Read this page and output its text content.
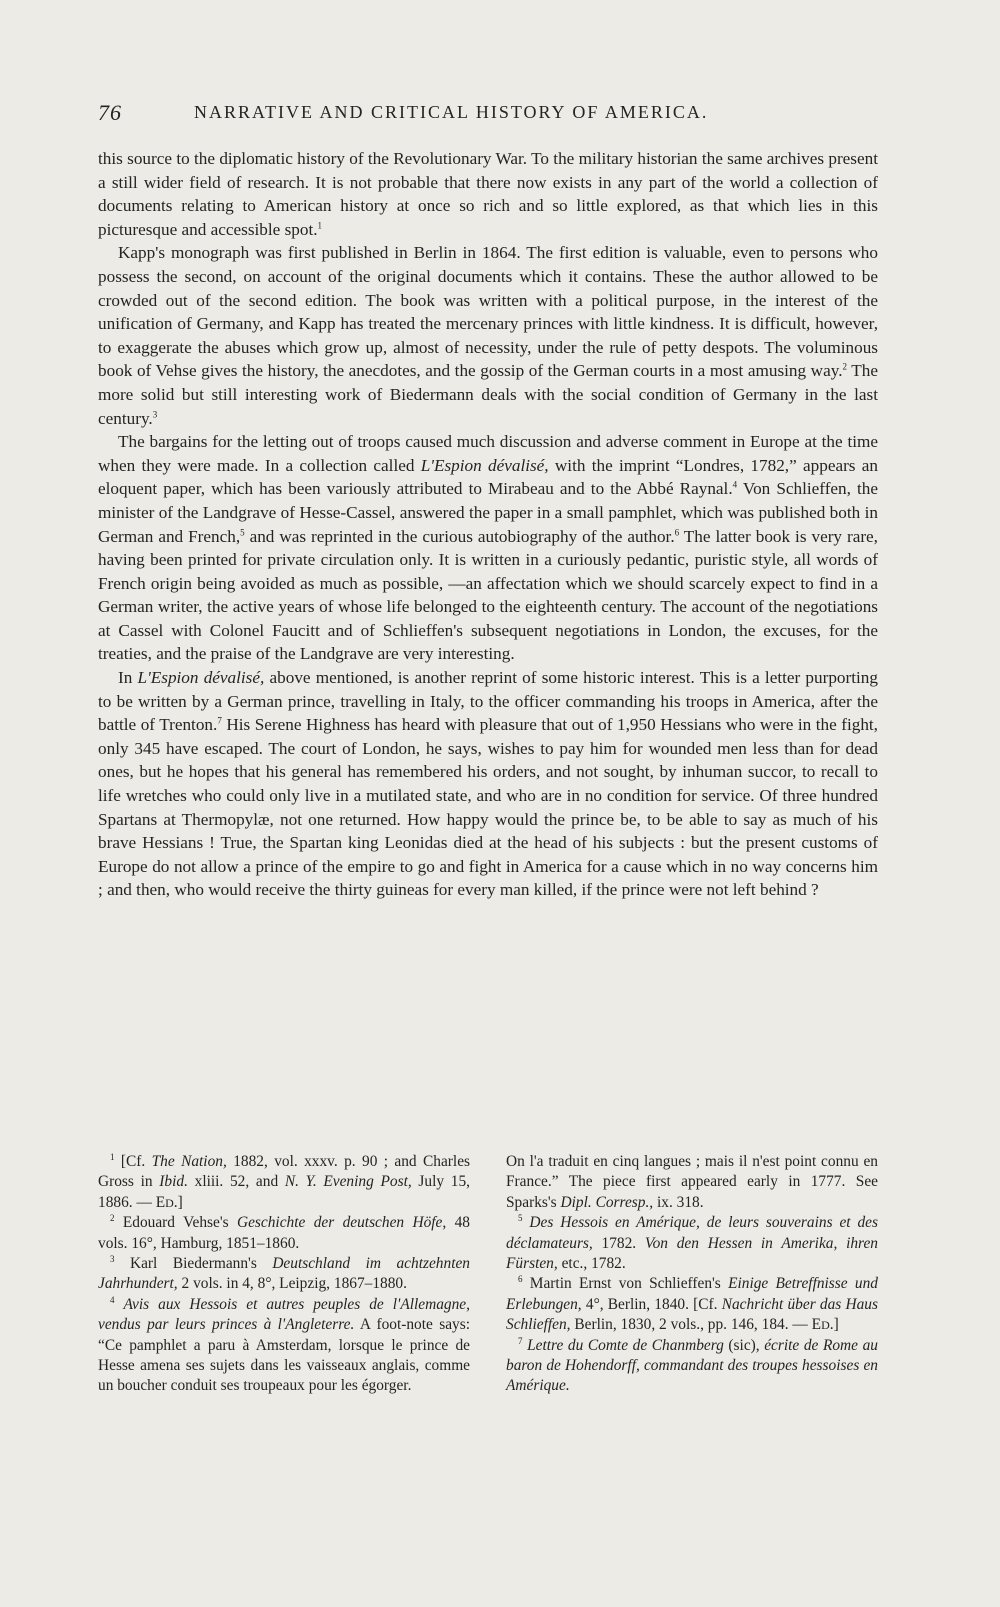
76	NARRATIVE AND CRITICAL HISTORY OF AMERICA.

this source to the diplomatic history of the Revolutionary War. To the military historian the same archives present a still wider field of research. It is not probable that there now exists in any part of the world a collection of documents relating to American history at once so rich and so little explored, as that which lies in this picturesque and accessible spot.$^1$

Kapp's monograph was first published in Berlin in 1864. The first edition is valuable, even to persons who possess the second, on account of the original documents which it contains. These the author allowed to be crowded out of the second edition. The book was written with a political purpose, in the interest of the unification of Germany, and Kapp has treated the mercenary princes with little kindness. It is difficult, however, to exaggerate the abuses which grow up, almost of necessity, under the rule of petty despots. The voluminous book of Vehse gives the history, the anecdotes, and the gossip of the German courts in a most amusing way.$^2$ The more solid but still interesting work of Biedermann deals with the social condition of Germany in the last century.$^3$

The bargains for the letting out of troops caused much discussion and adverse comment in Europe at the time when they were made. In a collection called L'Espion dévalisé, with the imprint “Londres, 1782,” appears an eloquent paper, which has been variously attributed to Mirabeau and to the Abbé Raynal.$^4$ Von Schlieffen, the minister of the Landgrave of Hesse-Cassel, answered the paper in a small pamphlet, which was published both in German and French,$^5$ and was reprinted in the curious autobiography of the author.$^6$ The latter book is very rare, having been printed for private circulation only. It is written in a curiously pedantic, puristic style, all words of French origin being avoided as much as possible, —an affectation which we should scarcely expect to find in a German writer, the active years of whose life belonged to the eighteenth century. The account of the negotiations at Cassel with Colonel Faucitt and of Schlieffen's subsequent negotiations in London, the excuses, for the treaties, and the praise of the Landgrave are very interesting.

In L'Espion dévalisé, above mentioned, is another reprint of some historic interest. This is a letter purporting to be written by a German prince, travelling in Italy, to the officer commanding his troops in America, after the battle of Trenton.$^7$ His Serene Highness has heard with pleasure that out of 1,950 Hessians who were in the fight, only 345 have escaped. The court of London, he says, wishes to pay him for wounded men less than for dead ones, but he hopes that his general has remembered his orders, and not sought, by inhuman succor, to recall to life wretches who could only live in a mutilated state, and who are in no condition for service. Of three hundred Spartans at Thermopylæ, not one returned. How happy would the prince be, to be able to say as much of his brave Hessians ! True, the Spartan king Leonidas died at the head of his subjects : but the present customs of Europe do not allow a prince of the empire to go and fight in America for a cause which in no way concerns him ; and then, who would receive the thirty guineas for every man killed, if the prince were not left behind ?

$^1$ [Cf. The Nation, 1882, vol. xxxv. p. 90 ; and Charles Gross in Ibid. xliii. 52, and N. Y. Evening Post, July 15, 1886. — ED.]

$^2$ Edouard Vehse's Geschichte der deutschen Höfe, 48 vols. 16°, Hamburg, 1851–1860.

$^3$ Karl Biedermann's Deutschland im achtzehnten Jahrhundert, 2 vols. in 4, 8°, Leipzig, 1867–1880.

$^4$ Avis aux Hessois et autres peuples de l'Allemagne, vendus par leurs princes à l'Angleterre. A foot-note says: “Ce pamphlet a paru à Amsterdam, lorsque le prince de Hesse amena ses sujets dans les vaisseaux anglais, comme un boucher conduit ses troupeaux pour les égorger.

On l'a traduit en cinq langues ; mais il n'est point connu en France.” The piece first appeared early in 1777. See Sparks's Dipl. Corresp., ix. 318.

$^5$ Des Hessois en Amérique, de leurs souverains et des déclamateurs, 1782. Von den Hessen in Amerika, ihren Fürsten, etc., 1782.

$^6$ Martin Ernst von Schlieffen's Einige Betreffnisse und Erlebungen, 4°, Berlin, 1840. [Cf. Nachricht über das Haus Schlieffen, Berlin, 1830, 2 vols., pp. 146, 184. — ED.]

$^7$ Lettre du Comte de Chanmberg (sic), écrite de Rome au baron de Hohendorff, commandant des troupes hessoises en Amérique.
